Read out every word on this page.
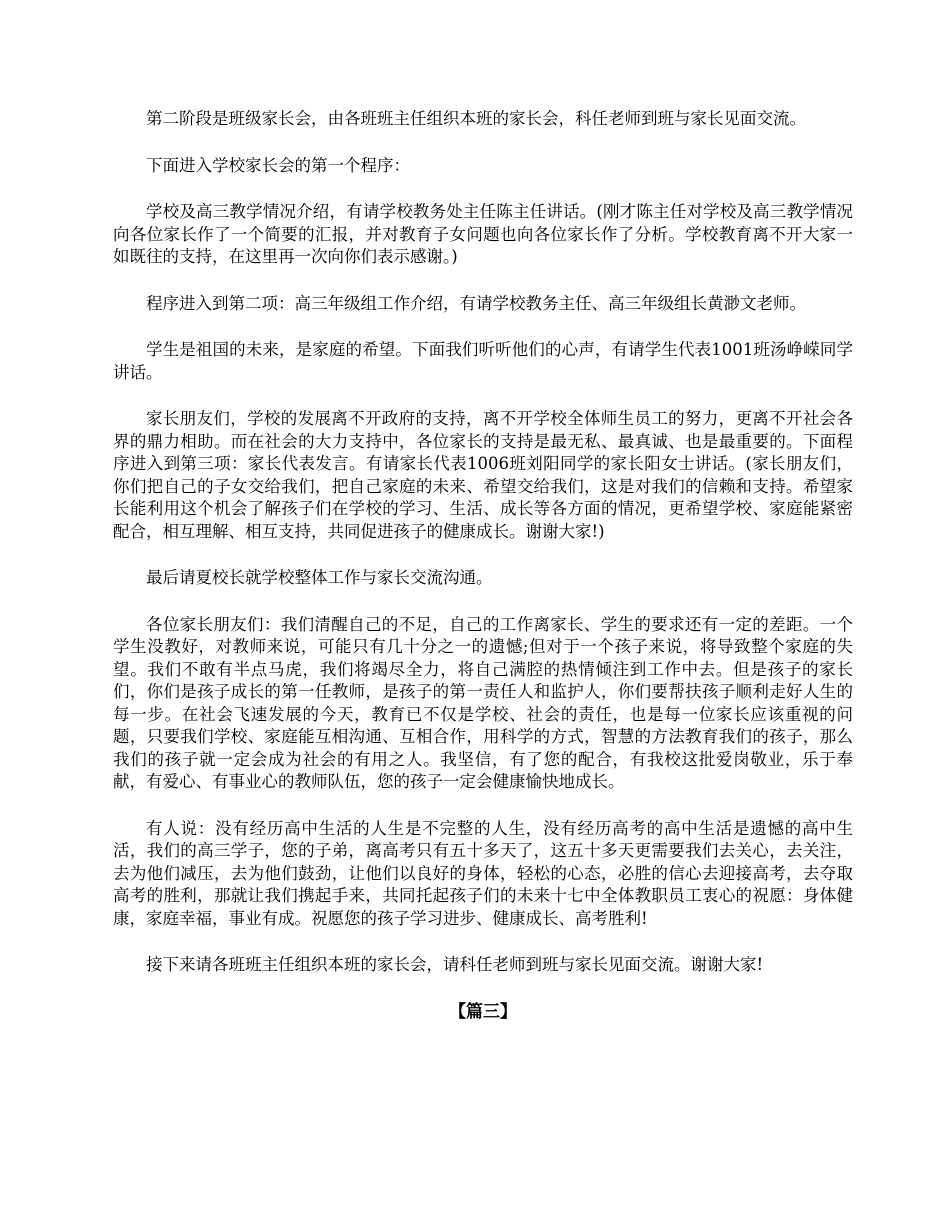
第二阶段是班级家长会，由各班班主任组织本班的家长会，科任老师到班与家长见面交流。

下面进入学校家长会的第一个程序：

学校及高三教学情况介绍，有请学校教务处主任陈主任讲话。(刚才陈主任对学校及高三教学情况向各位家长作了一个简要的汇报，并对教育子女问题也向各位家长作了分析。学校教育离不开大家一如既往的支持，在这里再一次向你们表示感谢。)

程序进入到第二项：高三年级组工作介绍，有请学校教务主任、高三年级组长黄渺文老师。

学生是祖国的未来，是家庭的希望。下面我们听听他们的心声，有请学生代表1001班汤峥嵘同学讲话。

家长朋友们，学校的发展离不开政府的支持，离不开学校全体师生员工的努力，更离不开社会各界的鼎力相助。而在社会的大力支持中，各位家长的支持是最无私、最真诚、也是最重要的。下面程序进入到第三项：家长代表发言。有请家长代表1006班刘阳同学的家长阳女士讲话。(家长朋友们，你们把自己的子女交给我们，把自己家庭的未来、希望交给我们，这是对我们的信赖和支持。希望家长能利用这个机会了解孩子们在学校的学习、生活、成长等各方面的情况，更希望学校、家庭能紧密配合，相互理解、相互支持，共同促进孩子的健康成长。谢谢大家!)

最后请夏校长就学校整体工作与家长交流沟通。

各位家长朋友们：我们清醒自己的不足，自己的工作离家长、学生的要求还有一定的差距。一个学生没教好，对教师来说，可能只有几十分之一的遗憾;但对于一个孩子来说，将导致整个家庭的失望。我们不敢有半点马虎，我们将竭尽全力，将自己满腔的热情倾注到工作中去。但是孩子的家长们，你们是孩子成长的第一任教师，是孩子的第一责任人和监护人，你们要帮扶孩子顺利走好人生的每一步。在社会飞速发展的今天，教育已不仅是学校、社会的责任，也是每一位家长应该重视的问题，只要我们学校、家庭能互相沟通、互相合作，用科学的方式，智慧的方法教育我们的孩子，那么我们的孩子就一定会成为社会的有用之人。我坚信，有了您的配合，有我校这批爱岗敬业，乐于奉献，有爱心、有事业心的教师队伍，您的孩子一定会健康愉快地成长。

有人说：没有经历高中生活的人生是不完整的人生，没有经历高考的高中生活是遗憾的高中生活，我们的高三学子，您的子弟，离高考只有五十多天了，这五十多天更需要我们去关心，去关注，去为他们减压，去为他们鼓劲，让他们以良好的身体，轻松的心态，必胜的信心去迎接高考，去夺取高考的胜利，那就让我们携起手来，共同托起孩子们的未来十七中全体教职员工衷心的祝愿：身体健康，家庭幸福，事业有成。祝愿您的孩子学习进步、健康成长、高考胜利!

接下来请各班班主任组织本班的家长会，请科任老师到班与家长见面交流。谢谢大家!

【篇三】
